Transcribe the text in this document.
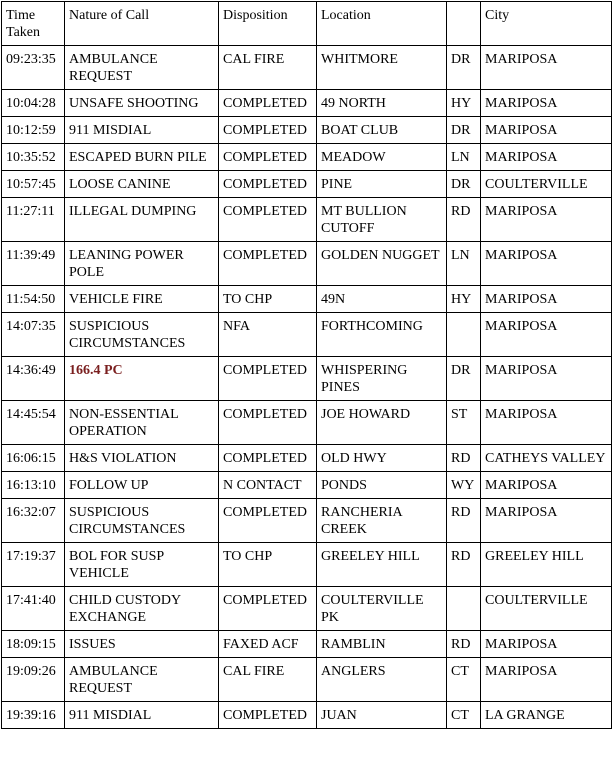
Time Taken	Nature of Call	Disposition	Location		City
09:23:35	AMBULANCE REQUEST	CAL FIRE	WHITMORE	DR	MARIPOSA
10:04:28	UNSAFE SHOOTING	COMPLETED	49 NORTH	HY	MARIPOSA
10:12:59	911 MISDIAL	COMPLETED	BOAT CLUB	DR	MARIPOSA
10:35:52	ESCAPED BURN PILE	COMPLETED	MEADOW	LN	MARIPOSA
10:57:45	LOOSE CANINE	COMPLETED	PINE	DR	COULTERVILLE
11:27:11	ILLEGAL DUMPING	COMPLETED	MT BULLION CUTOFF	RD	MARIPOSA
11:39:49	LEANING POWER POLE	COMPLETED	GOLDEN NUGGET	LN	MARIPOSA
11:54:50	VEHICLE FIRE	TO CHP	49N	HY	MARIPOSA
14:07:35	SUSPICIOUS CIRCUMSTANCES	NFA	FORTHCOMING		MARIPOSA
14:36:49	166.4 PC	COMPLETED	WHISPERING PINES	DR	MARIPOSA
14:45:54	NON-ESSENTIAL OPERATION	COMPLETED	JOE HOWARD	ST	MARIPOSA
16:06:15	H&S VIOLATION	COMPLETED	OLD HWY	RD	CATHEYS VALLEY
16:13:10	FOLLOW UP	N CONTACT	PONDS	WY	MARIPOSA
16:32:07	SUSPICIOUS CIRCUMSTANCES	COMPLETED	RANCHERIA CREEK	RD	MARIPOSA
17:19:37	BOL FOR SUSP VEHICLE	TO CHP	GREELEY HILL	RD	GREELEY HILL
17:41:40	CHILD CUSTODY EXCHANGE	COMPLETED	COULTERVILLE PK		COULTERVILLE
18:09:15	ISSUES	FAXED ACF	RAMBLIN	RD	MARIPOSA
19:09:26	AMBULANCE REQUEST	CAL FIRE	ANGLERS	CT	MARIPOSA
19:39:16	911 MISDIAL	COMPLETED	JUAN	CT	LA GRANGE
